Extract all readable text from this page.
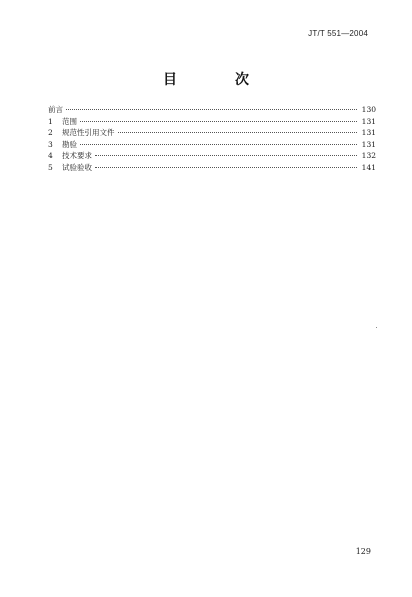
JT/T 551—2004
目　次
前言	130
1	范围	131
2	规范性引用文件	131
3	勘验	131
4	技术要求	132
5	试验验收	141
129
